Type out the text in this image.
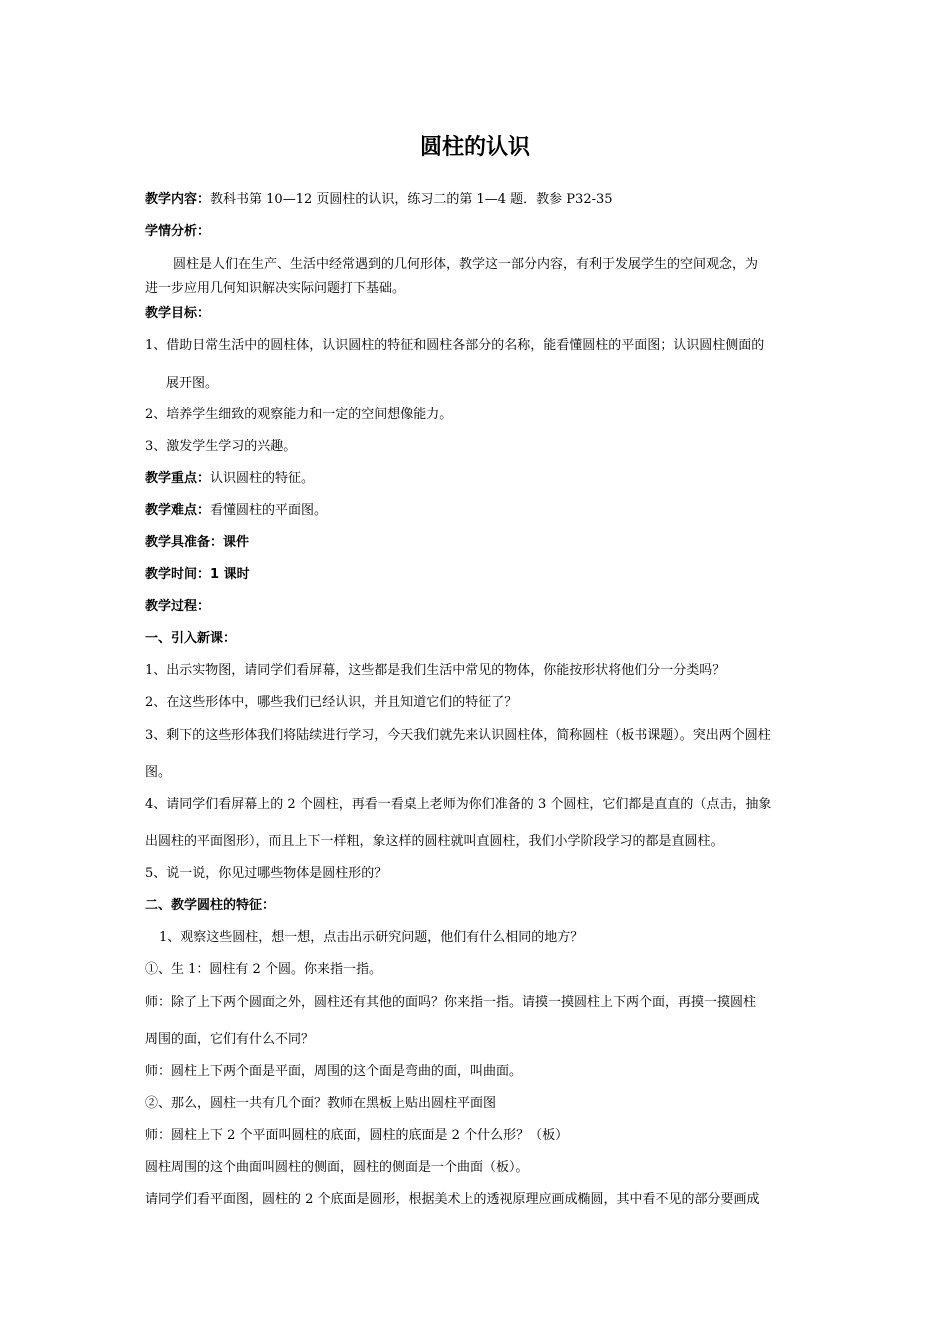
圆柱的认识
教学内容：教科书第 10—12 页圆柱的认识，练习二的第 1—4 题．教参 P32-35
学情分析：
圆柱是人们在生产、生活中经常遇到的几何形体，教学这一部分内容，有利于发展学生的空间观念，为
进一步应用几何知识解决实际问题打下基础。
教学目标：
1、借助日常生活中的圆柱体，认识圆柱的特征和圆柱各部分的名称，能看懂圆柱的平面图；认识圆柱侧面的
展开图。
2、培养学生细致的观察能力和一定的空间想像能力。
3、激发学生学习的兴趣。
教学重点：认识圆柱的特征。
教学难点：看懂圆柱的平面图。
教学具准备：课件
教学时间：1 课时
教学过程：
一、引入新课：
1、出示实物图，请同学们看屏幕，这些都是我们生活中常见的物体，你能按形状将他们分一分类吗？
2、在这些形体中，哪些我们已经认识，并且知道它们的特征了？
3、剩下的这些形体我们将陆续进行学习，今天我们就先来认识圆柱体，简称圆柱（板书课题）。突出两个圆柱
图。
4、请同学们看屏幕上的 2 个圆柱，再看一看桌上老师为你们准备的 3 个圆柱，它们都是直直的（点击，抽象
出圆柱的平面图形），而且上下一样粗，象这样的圆柱就叫直圆柱，我们小学阶段学习的都是直圆柱。
5、说一说，你见过哪些物体是圆柱形的？
二、教学圆柱的特征：
1、观察这些圆柱，想一想，点击出示研究问题，他们有什么相同的地方？
①、生 1：圆柱有 2 个圆。你来指一指。
师：除了上下两个圆面之外，圆柱还有其他的面吗？你来指一指。请摸一摸圆柱上下两个面，再摸一摸圆柱
周围的面，它们有什么不同？
师：圆柱上下两个面是平面，周围的这个面是弯曲的面，叫曲面。
②、那么，圆柱一共有几个面？教师在黑板上贴出圆柱平面图
师：圆柱上下 2 个平面叫圆柱的底面，圆柱的底面是 2 个什么形？（板）
圆柱周围的这个曲面叫圆柱的侧面，圆柱的侧面是一个曲面（板）。
请同学们看平面图，圆柱的 2 个底面是圆形，根据美术上的透视原理应画成椭圆，其中看不见的部分要画成
